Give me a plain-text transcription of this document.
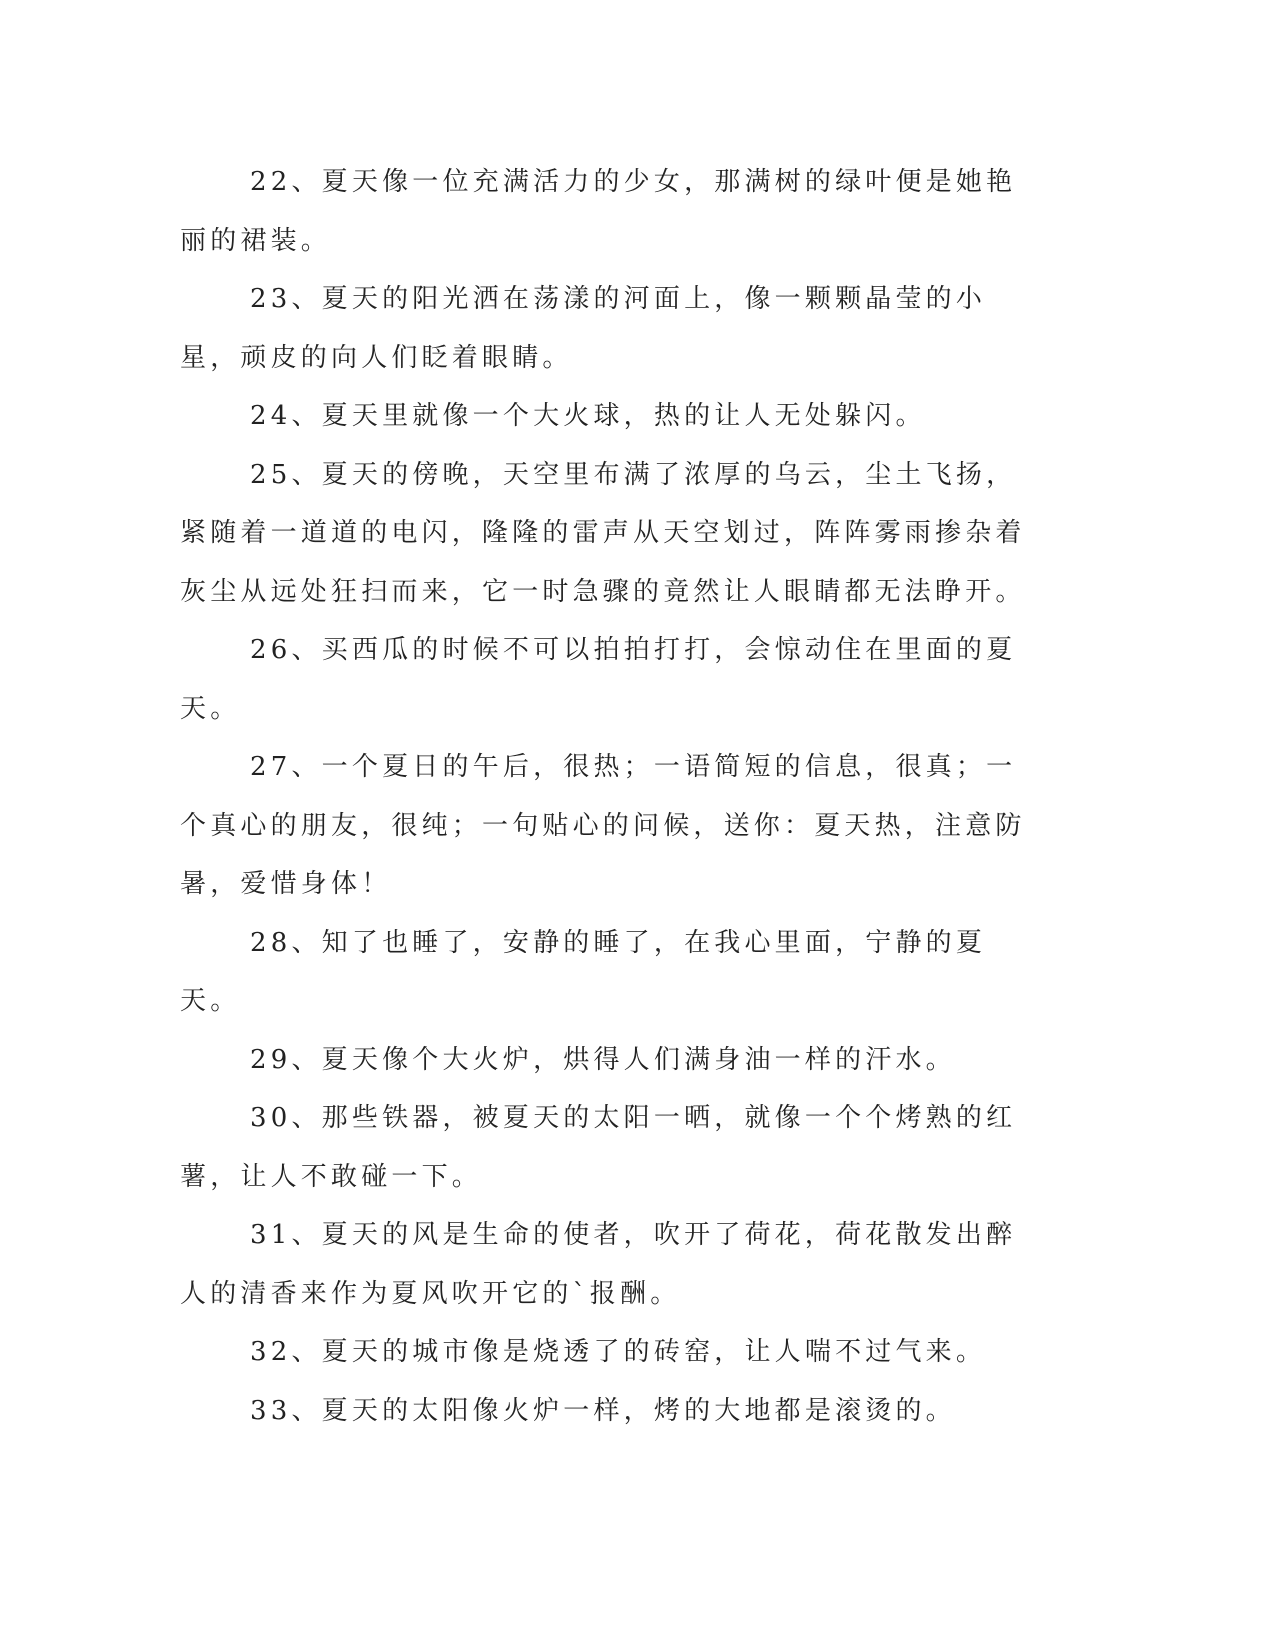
22、夏天像一位充满活力的少女，那满树的绿叶便是她艳丽的裙装。

23、夏天的阳光洒在荡漾的河面上，像一颗颗晶莹的小星，顽皮的向人们眨着眼睛。

24、夏天里就像一个大火球，热的让人无处躲闪。

25、夏天的傍晚，天空里布满了浓厚的乌云，尘土飞扬，紧随着一道道的电闪，隆隆的雷声从天空划过，阵阵雾雨掺杂着灰尘从远处狂扫而来，它一时急骤的竟然让人眼睛都无法睁开。

26、买西瓜的时候不可以拍拍打打，会惊动住在里面的夏天。

27、一个夏日的午后，很热；一语简短的信息，很真；一个真心的朋友，很纯；一句贴心的问候，送你：夏天热，注意防暑，爱惜身体！

28、知了也睡了，安静的睡了，在我心里面，宁静的夏天。

29、夏天像个大火炉，烘得人们满身油一样的汗水。

30、那些铁器，被夏天的太阳一晒，就像一个个烤熟的红薯，让人不敢碰一下。

31、夏天的风是生命的使者，吹开了荷花，荷花散发出醉人的清香来作为夏风吹开它的`报酬。

32、夏天的城市像是烧透了的砖窑，让人喘不过气来。

33、夏天的太阳像火炉一样，烤的大地都是滚烫的。
